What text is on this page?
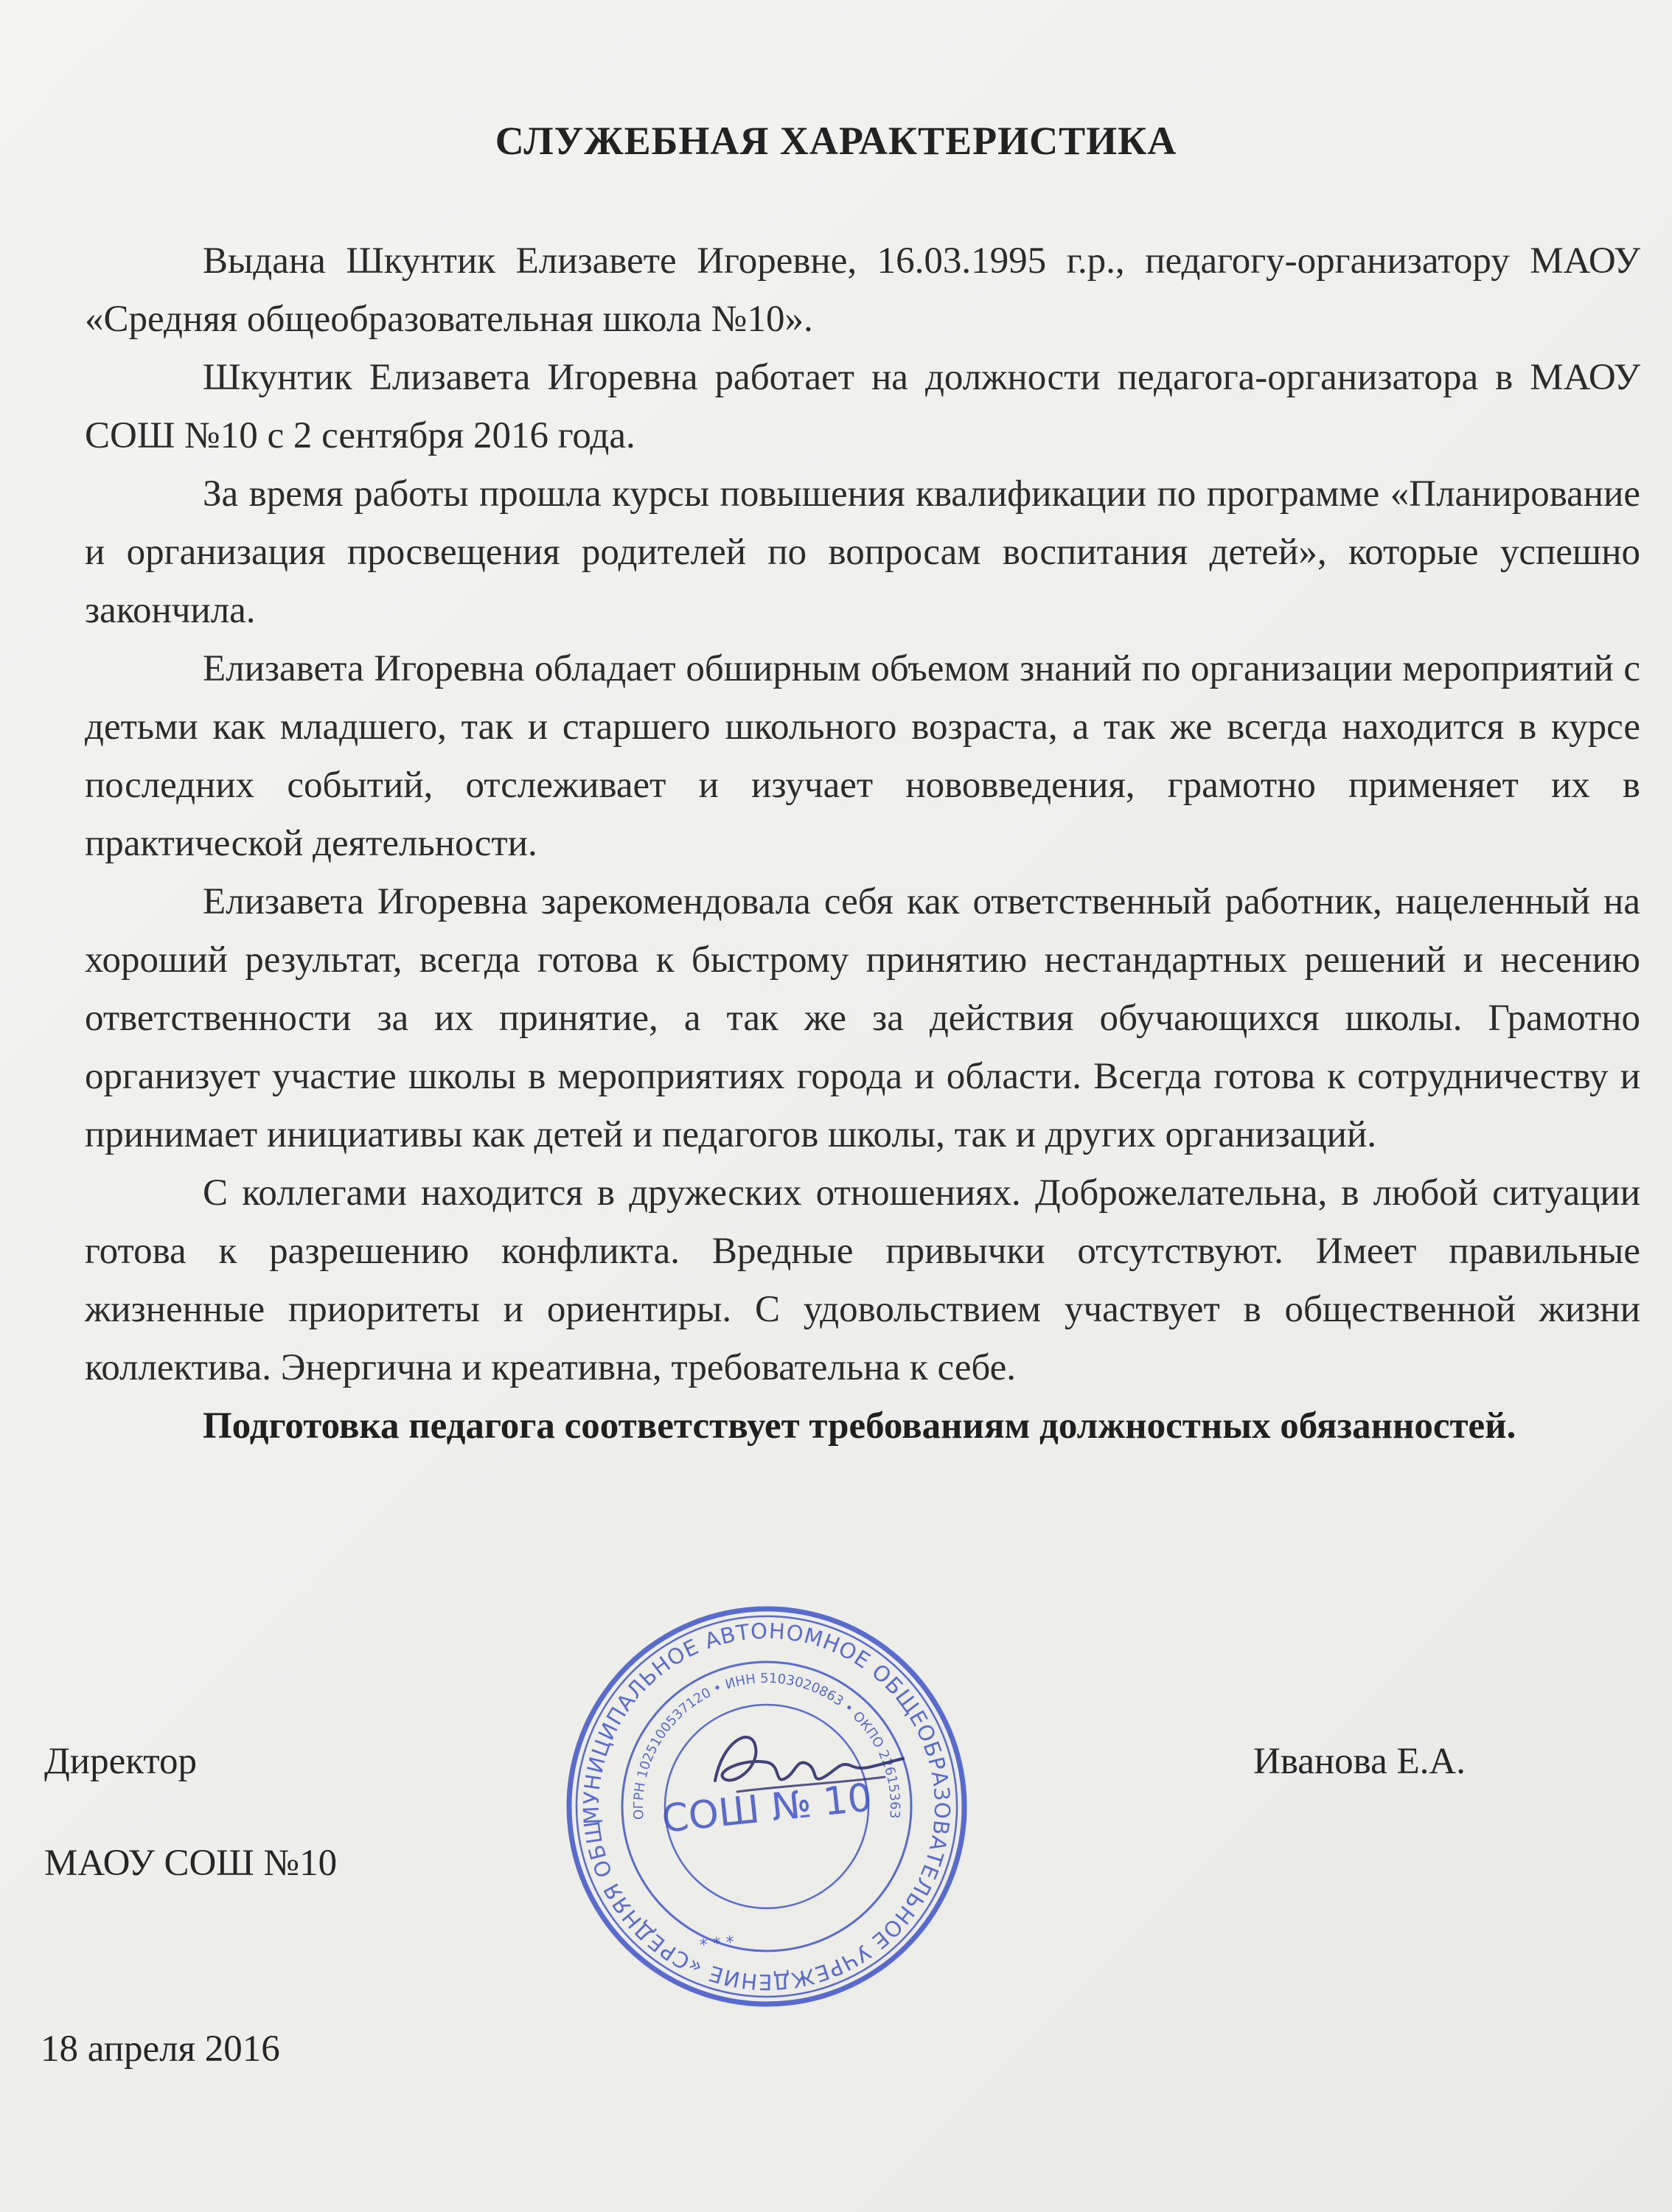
СЛУЖЕБНАЯ ХАРАКТЕРИСТИКА

Выдана Шкунтик Елизавете Игоревне, 16.03.1995 г.р., педагогу-организатору МАОУ «Средняя общеобразовательная школа №10».

Шкунтик Елизавета Игоревна работает на должности педагога-организатора в МАОУ СОШ №10 с 2 сентября 2016 года.

За время работы прошла курсы повышения квалификации по программе «Планирование и организация просвещения родителей по вопросам воспитания детей», которые успешно закончила.

Елизавета Игоревна обладает обширным объемом знаний по организации мероприятий с детьми как младшего, так и старшего школьного возраста, а так же всегда находится в курсе последних событий, отслеживает и изучает нововведения, грамотно применяет их в практической деятельности.

Елизавета Игоревна зарекомендовала себя как ответственный работник, нацеленный на хороший результат, всегда готова к быстрому принятию нестандартных решений и несению ответственности за их принятие, а так же за действия обучающихся школы. Грамотно организует участие школы в мероприятиях города и области. Всегда готова к сотрудничеству и принимает инициативы как детей и педагогов школы, так и других организаций.

С коллегами находится в дружеских отношениях. Доброжелательна, в любой ситуации готова к разрешению конфликта. Вредные привычки отсутствуют. Имеет правильные жизненные приоритеты и ориентиры. С удовольствием участвует в общественной жизни коллектива. Энергична и креативна, требовательна к себе.

Подготовка педагога соответствует требованиям должностных обязанностей.

Директор
МАОУ СОШ №10
Иванова Е.А.
18 апреля 2016
МУНИЦИПАЛЬНОЕ АВТОНОМНОЕ ОБЩЕОБРАЗОВАТЕЛЬНОЕ УЧРЕЖДЕНИЕ «СРЕДНЯЯ ОБЩЕОБРАЗОВАТЕЛЬНАЯ ШКОЛА № 10»
ОГРН 1025100537120 • ИНН 5103020863 • ОКПО 22615363
СОШ № 10
* * *
